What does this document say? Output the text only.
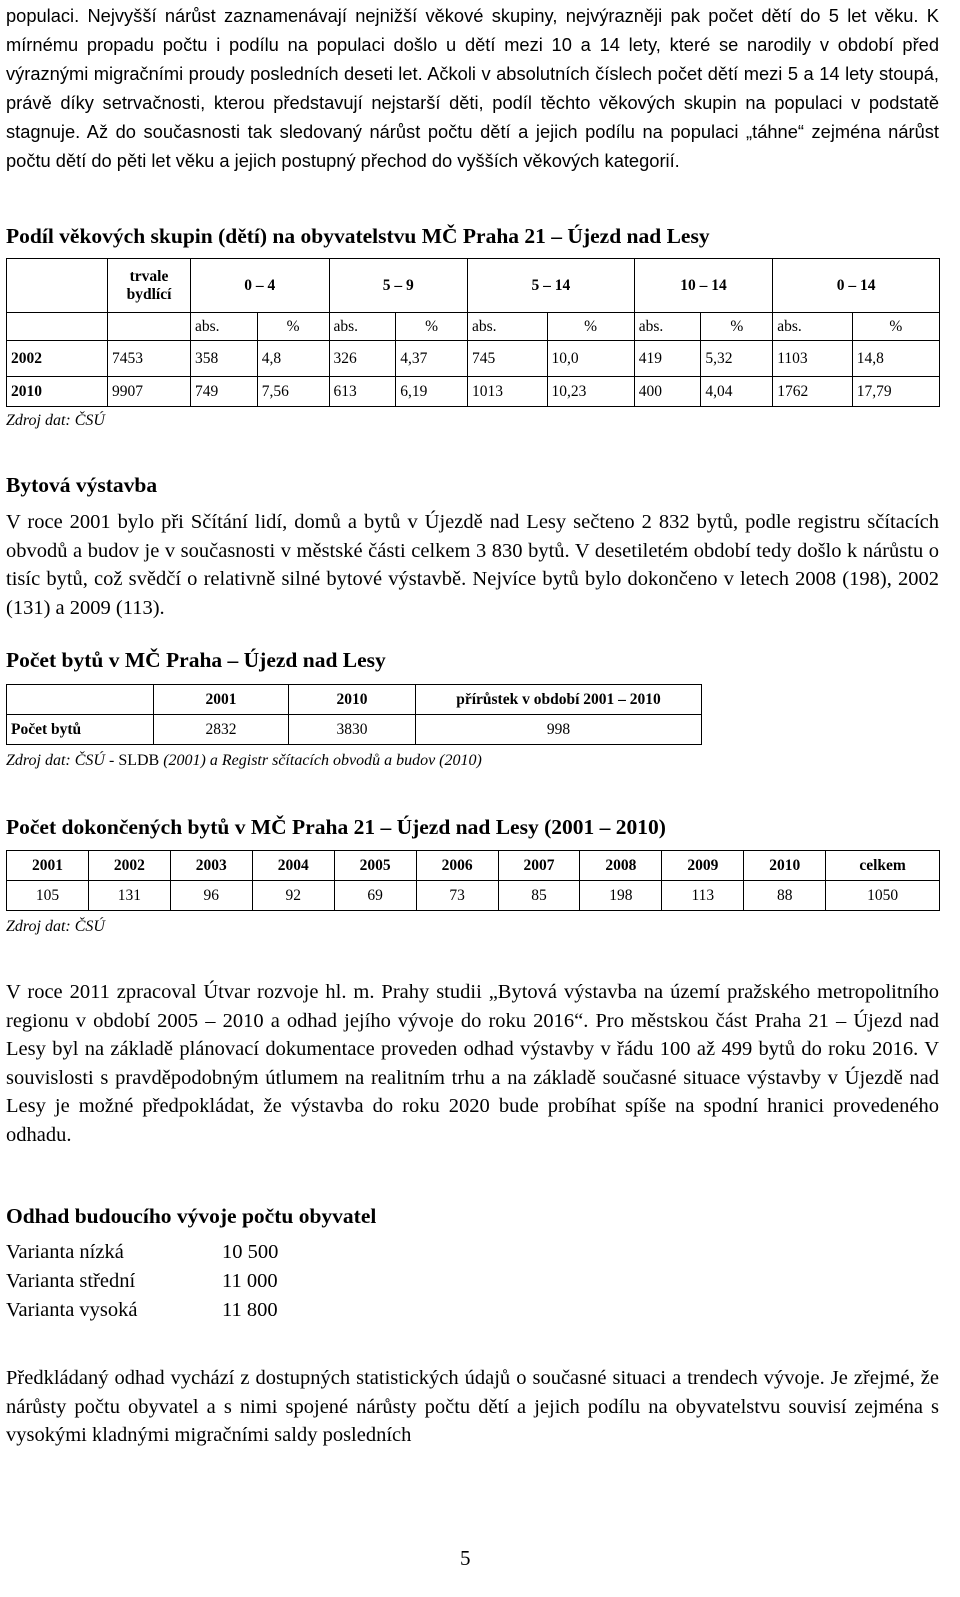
populaci. Nejvyšší nárůst zaznamenávají nejnižší věkové skupiny, nejvýrazněji pak počet dětí do 5 let věku. K mírnému propadu počtu i podílu na populaci došlo u dětí mezi 10 a 14 lety, které se narodily v období před výraznými migračními proudy posledních deseti let. Ačkoli v absolutních číslech počet dětí mezi 5 a 14 lety stoupá, právě díky setrvačnosti, kterou představují nejstarší děti, podíl těchto věkových skupin na populaci v podstatě stagnuje. Až do současnosti tak sledovaný nárůst počtu dětí a jejich podílu na populaci „táhne“ zejména nárůst počtu dětí do pěti let věku a jejich postupný přechod do vyšších věkových kategorií.

Podíl věkových skupin (dětí) na obyvatelstvu MČ Praha 21 – Újezd nad Lesy
	trvale bydlící	0 – 4		5 – 9		5 – 14		10 – 14		0 – 14	
		abs.	%	abs.	%	abs.	%	abs.	%	abs.	%
2002	7453	358	4,8	326	4,37	745	10,0	419	5,32	1103	14,8
2010	9907	749	7,56	613	6,19	1013	10,23	400	4,04	1762	17,79

Zdroj dat: ČSÚ

Bytová výstavba

V roce 2001 bylo při Sčítání lidí, domů a bytů v Újezdě nad Lesy sečteno 2 832 bytů, podle registru sčítacích obvodů a budov je v současnosti v městské části celkem 3 830 bytů. V desetiletém období tedy došlo k nárůstu o tisíc bytů, což svědčí o relativně silné bytové výstavbě. Nejvíce bytů bylo dokončeno v letech 2008 (198), 2002 (131) a 2009 (113).

Počet bytů v MČ Praha – Újezd nad Lesy
	2001	2010	přírůstek v období 2001 – 2010
Počet bytů	2832	3830	998

Zdroj dat: ČSÚ - SLDB (2001) a Registr sčítacích obvodů a budov (2010)

Počet dokončených bytů v MČ Praha 21 – Újezd nad Lesy (2001 – 2010)
2001	2002	2003	2004	2005	2006	2007	2008	2009	2010	celkem
105	131	96	92	69	73	85	198	113	88	1050

Zdroj dat: ČSÚ

V roce 2011 zpracoval Útvar rozvoje hl. m. Prahy studii „Bytová výstavba na území pražského metropolitního regionu v období 2005 – 2010 a odhad jejího vývoje do roku 2016“. Pro městskou část Praha 21 – Újezd nad Lesy byl na základě plánovací dokumentace proveden odhad výstavby v řádu 100 až 499 bytů do roku 2016. V souvislosti s pravděpodobným útlumem na realitním trhu a na základě současné situace výstavby v Újezdě nad Lesy je možné předpokládat, že výstavba do roku 2020 bude probíhat spíše na spodní hranici provedeného odhadu.

Odhad budoucího vývoje počtu obyvatel
Varianta nízká	10 500
Varianta střední	11 000
Varianta vysoká	11 800

Předkládaný odhad vychází z dostupných statistických údajů o současné situaci a trendech vývoje. Je zřejmé, že nárůsty počtu obyvatel a s nimi spojené nárůsty počtu dětí a jejich podílu na obyvatelstvu souvisí zejména s vysokými kladnými migračními saldy posledních

5
